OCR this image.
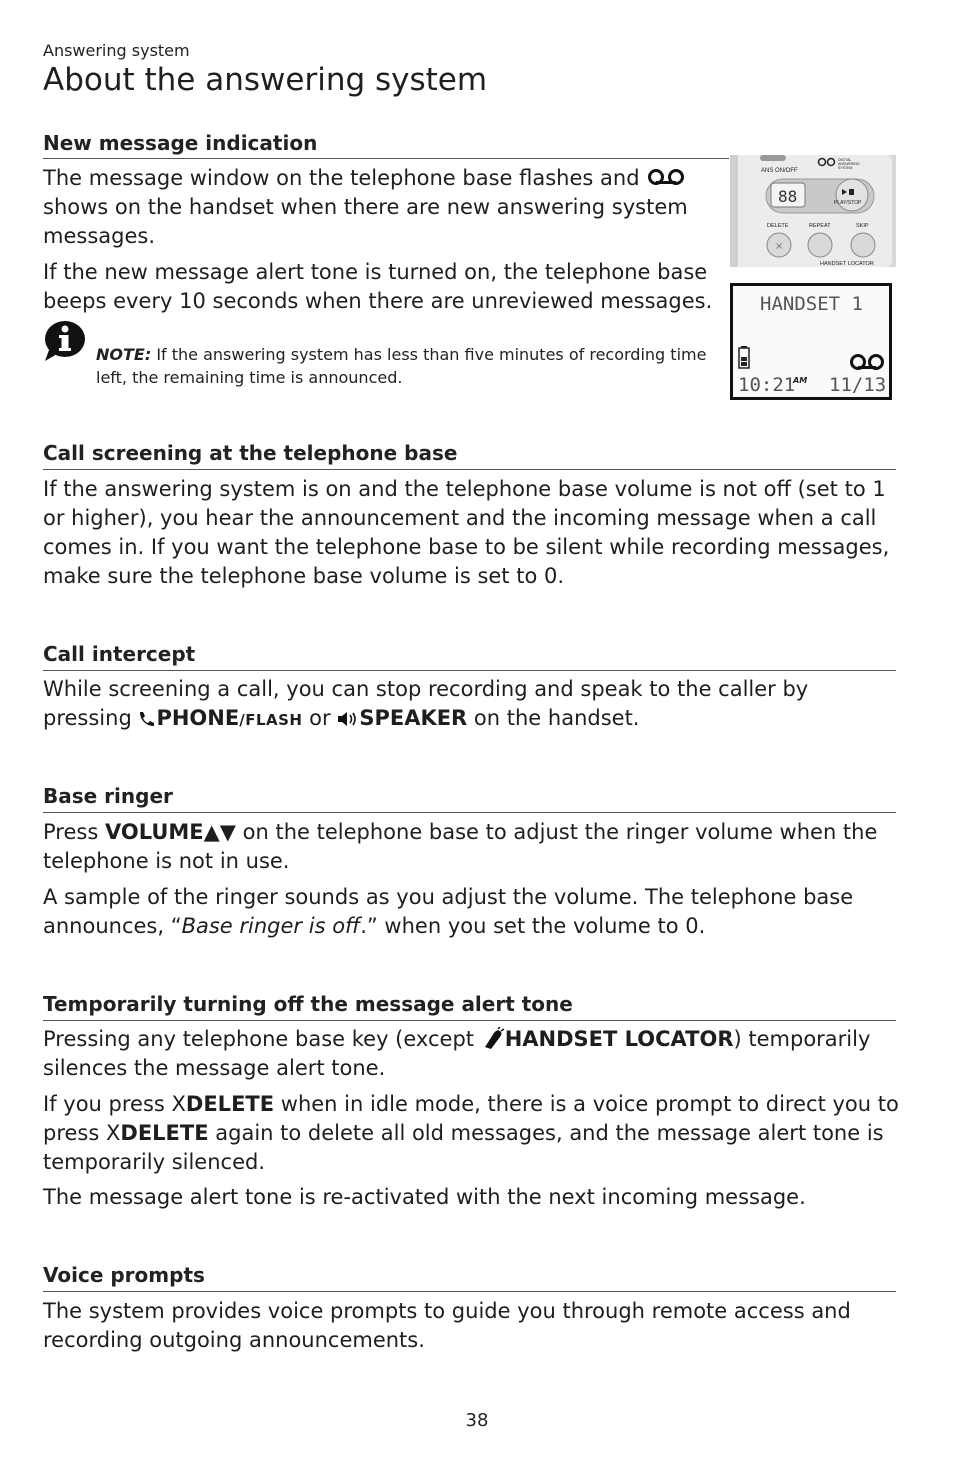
Answering system
About the answering system
New message indication
The message window on the telephone base flashes and
shows on the handset when there are new answering system messages.
If the new message alert tone is turned on, the telephone base beeps every 10 seconds when there are unreviewed messages.
NOTE: If the answering system has less than five minutes of recording time left, the remaining time is announced.
ANS ON/OFF
DIGITAL
ANSWERING
SYSTEM
88	PLAY/STOP
DELETE	REPEAT	SKIP
×
HANDSET LOCATOR
HANDSET 1
10:21
AM 11/13
Call screening at the telephone base
If the answering system is on and the telephone base volume is not off (set to 1 or higher), you hear the announcement and the incoming message when a call comes in. If you want the telephone base to be silent while recording messages, make sure the telephone base volume is set to 0.
Call intercept
While screening a call, you can stop recording and speak to the caller by pressing PHONE/FLASH or SPEAKER on the handset.
Base ringer
Press VOLUME▲▼ on the telephone base to adjust the ringer volume when the telephone is not in use.
A sample of the ringer sounds as you adjust the volume. The telephone base announces, “Base ringer is off.” when you set the volume to 0.
Temporarily turning off the message alert tone
Pressing any telephone base key (except HANDSET LOCATOR) temporarily silences the message alert tone.
If you press XDELETE when in idle mode, there is a voice prompt to direct you to press XDELETE again to delete all old messages, and the message alert tone is temporarily silenced.
The message alert tone is re-activated with the next incoming message.
Voice prompts
The system provides voice prompts to guide you through remote access and recording outgoing announcements.
38
